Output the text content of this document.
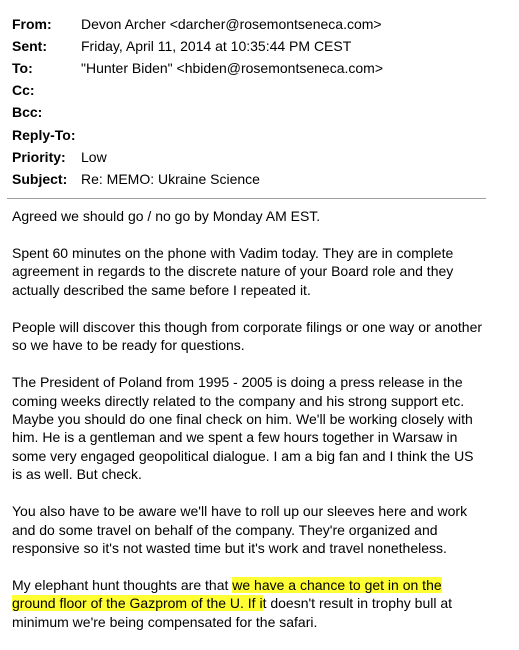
From:	Devon Archer <darcher@rosemontseneca.com>
Sent:	Friday, April 11, 2014 at 10:35:44 PM CEST
To:	"Hunter Biden" <hbiden@rosemontseneca.com>
Cc:
Bcc:
Reply-To:
Priority:	Low
Subject: Re: MEMO: Ukraine Science

Agreed we should go / no go by Monday AM EST.

Spent 60 minutes on the phone with Vadim today. They are in complete
agreement in regards to the discrete nature of your Board role and they
actually described the same before I repeated it.

People will discover this though from corporate filings or one way or another
so we have to be ready for questions.

The President of Poland from 1995 - 2005 is doing a press release in the
coming weeks directly related to the company and his strong support etc.
Maybe you should do one final check on him. We'll be working closely with
him. He is a gentleman and we spent a few hours together in Warsaw in
some very engaged geopolitical dialogue. I am a big fan and I think the US
is as well. But check.

You also have to be aware we'll have to roll up our sleeves here and work
and do some travel on behalf of the company. They're organized and
responsive so it's not wasted time but it's work and travel nonetheless.

My elephant hunt thoughts are that we have a chance to get in on the
ground floor of the Gazprom of the U. If it doesn't result in trophy bull at
minimum we're being compensated for the safari.
